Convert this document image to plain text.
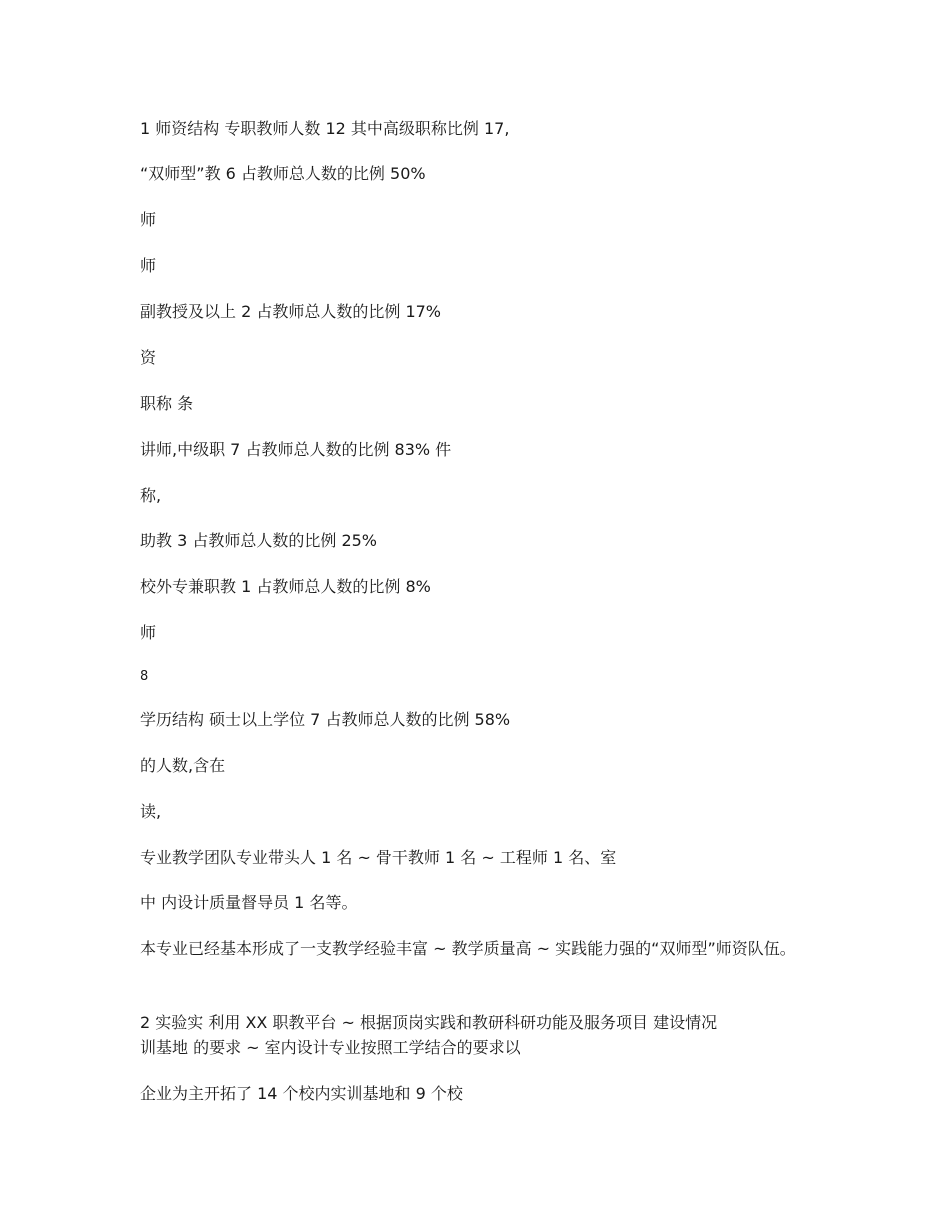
1 师资结构 专职教师人数 12 其中高级职称比例 17,
“双师型”教 6 占教师总人数的比例 50%
师
师
副教授及以上 2 占教师总人数的比例 17%
资
职称 条
讲师,中级职 7 占教师总人数的比例 83% 件
称,
助教 3 占教师总人数的比例 25%
校外专兼职教 1 占教师总人数的比例 8%
师
8
学历结构 硕士以上学位 7 占教师总人数的比例 58%
的人数,含在
读,
专业教学团队专业带头人 1 名 ~ 骨干教师 1 名 ~ 工程师 1 名、室
中 内设计质量督导员 1 名等。
本专业已经基本形成了一支教学经验丰富 ~ 教学质量高 ~ 实践能力强的“双师型”师资队伍。
2 实验实 利用 XX 职教平台 ~ 根据顶岗实践和教研科研功能及服务项目 建设情况
训基地 的要求 ~ 室内设计专业按照工学结合的要求以
企业为主开拓了 14 个校内实训基地和 9 个校
